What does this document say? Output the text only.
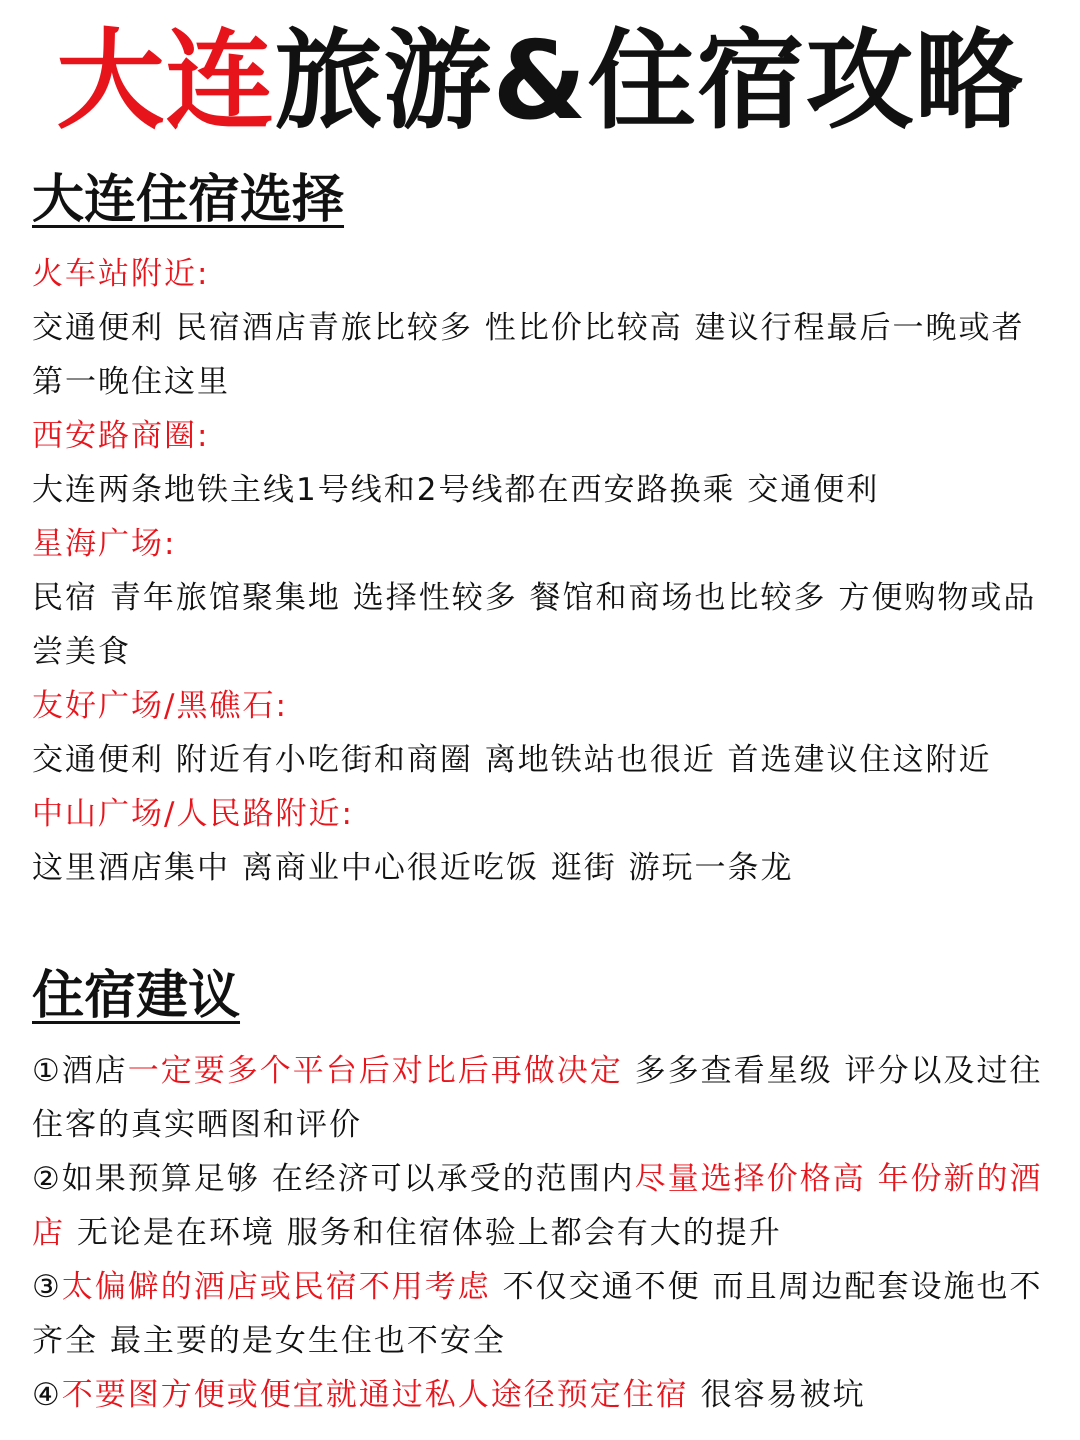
大连旅游&住宿攻略
大连住宿选择
火车站附近:
交通便利 民宿酒店青旅比较多 性比价比较高 建议行程最后一晚或者第一晚住这里
西安路商圈:
大连两条地铁主线1号线和2号线都在西安路换乘 交通便利
星海广场:
民宿 青年旅馆聚集地 选择性较多 餐馆和商场也比较多 方便购物或品尝美食
友好广场/黑礁石:
交通便利 附近有小吃街和商圈 离地铁站也很近 首选建议住这附近
中山广场/人民路附近:
这里酒店集中 离商业中心很近吃饭 逛街 游玩一条龙
住宿建议
①酒店一定要多个平台后对比后再做决定 多多查看星级 评分以及过往住客的真实晒图和评价
②如果预算足够 在经济可以承受的范围内尽量选择价格高 年份新的酒店 无论是在环境 服务和住宿体验上都会有大的提升
③太偏僻的酒店或民宿不用考虑 不仅交通不便 而且周边配套设施也不齐全 最主要的是女生住也不安全
④不要图方便或便宜就通过私人途径预定住宿 很容易被坑
